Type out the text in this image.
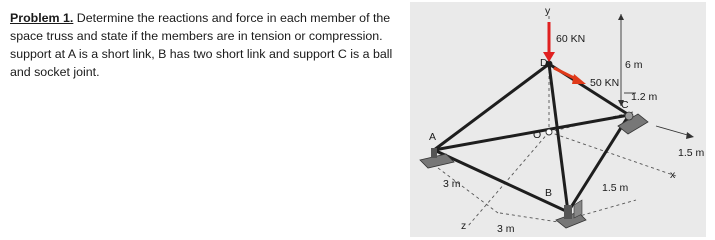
Problem 1. Determine the reactions and force in each member of the space truss and state if the members are in tension or compression. support at A is a short link, B has two short link and support C is a ball and socket joint.
y
60 KN
6 m
D
50 KN
1.2 m
C
A	O
1.5 m
x
3 m
B	1.5 m
z	3 m
